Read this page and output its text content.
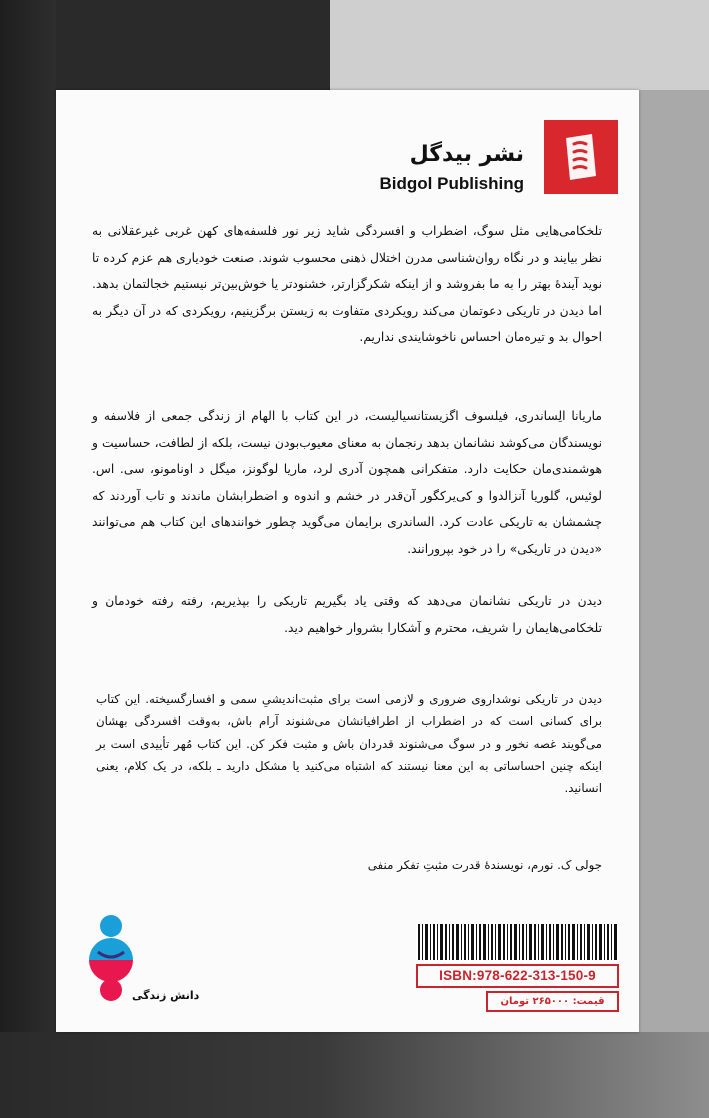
نشر بیدگل
Bidgol Publishing

تلخکامی‌هایی مثل سوگ، اضطراب و افسردگی شاید زیر نور فلسفه‌های کهن غربی غیرعقلانی به نظر بیایند و در نگاه روان‌شناسی مدرن اختلال ذهنی محسوب شوند. صنعت خودیاری هم عزم کرده تا نوید آیندهٔ بهتر را به ما بفروشد و از اینکه شکرگزارتر، خشنودتر یا خوش‌بین‌تر نیستیم خجالتمان بدهد. اما دیدن در تاریکی دعوتمان می‌کند رویکردی متفاوت به زیستن برگزینیم، رویکردی که در آن دیگر به احوال بد و تیره‌مان احساس ناخوشایندی نداریم.

ماریانا الِساندری، فیلسوف اگزیستانسیالیست، در این کتاب با الهام از زندگی جمعی از فلاسفه و نویسندگان می‌کوشد نشانمان بدهد رنجمان به معنای معیوب‌بودن نیست، بلکه از لطافت، حساسیت و هوشمندی‌مان حکایت دارد. متفکرانی همچون آدری لرد، ماریا لوگونز، میگل د اونامونو، سی. اس. لوئیس، گلوریا آنزالدوا و کی‌یرکگور آن‌قدر در خشم و اندوه و اضطرابشان ماندند و تاب آوردند که چشمشان به تاریکی عادت کرد. الساندری برایمان می‌گوید چطور خوانندهای این کتاب هم می‌توانند «دیدن در تاریکی» را در خود بپرورانند.

دیدن در تاریکی نشانمان می‌دهد که وقتی یاد بگیریم تاریکی را بپذیریم، رفته رفته خودمان و تلخکامی‌هایمان را شریف، محترم و آشکارا بشروار خواهیم دید.

دیدن در تاریکی نوشداروی ضروری و لازمی است برای مثبت‌اندیشیِ سمی و افسارگسیخته. این کتاب برای کسانی است که در اضطراب از اطرافیانشان می‌شنوند آرام باش، به‌وقت افسردگی بهشان می‌گویند غصه نخور و در سوگ می‌شنوند قدردان باش و مثبت فکر کن. این کتاب مُهر تأییدی است بر اینکه چنین احساساتی به این معنا نیستند که اشتباه می‌کنید یا مشکل دارید ـ بلکه، در یک کلام، یعنی انسانید.

جولی ک. نورم، نویسندهٔ قدرت مثبتِ تفکر منفی
دانش زندگی
ISBN:978-622-313-150-9
قیمت: ۲۶۵۰۰۰ تومان
